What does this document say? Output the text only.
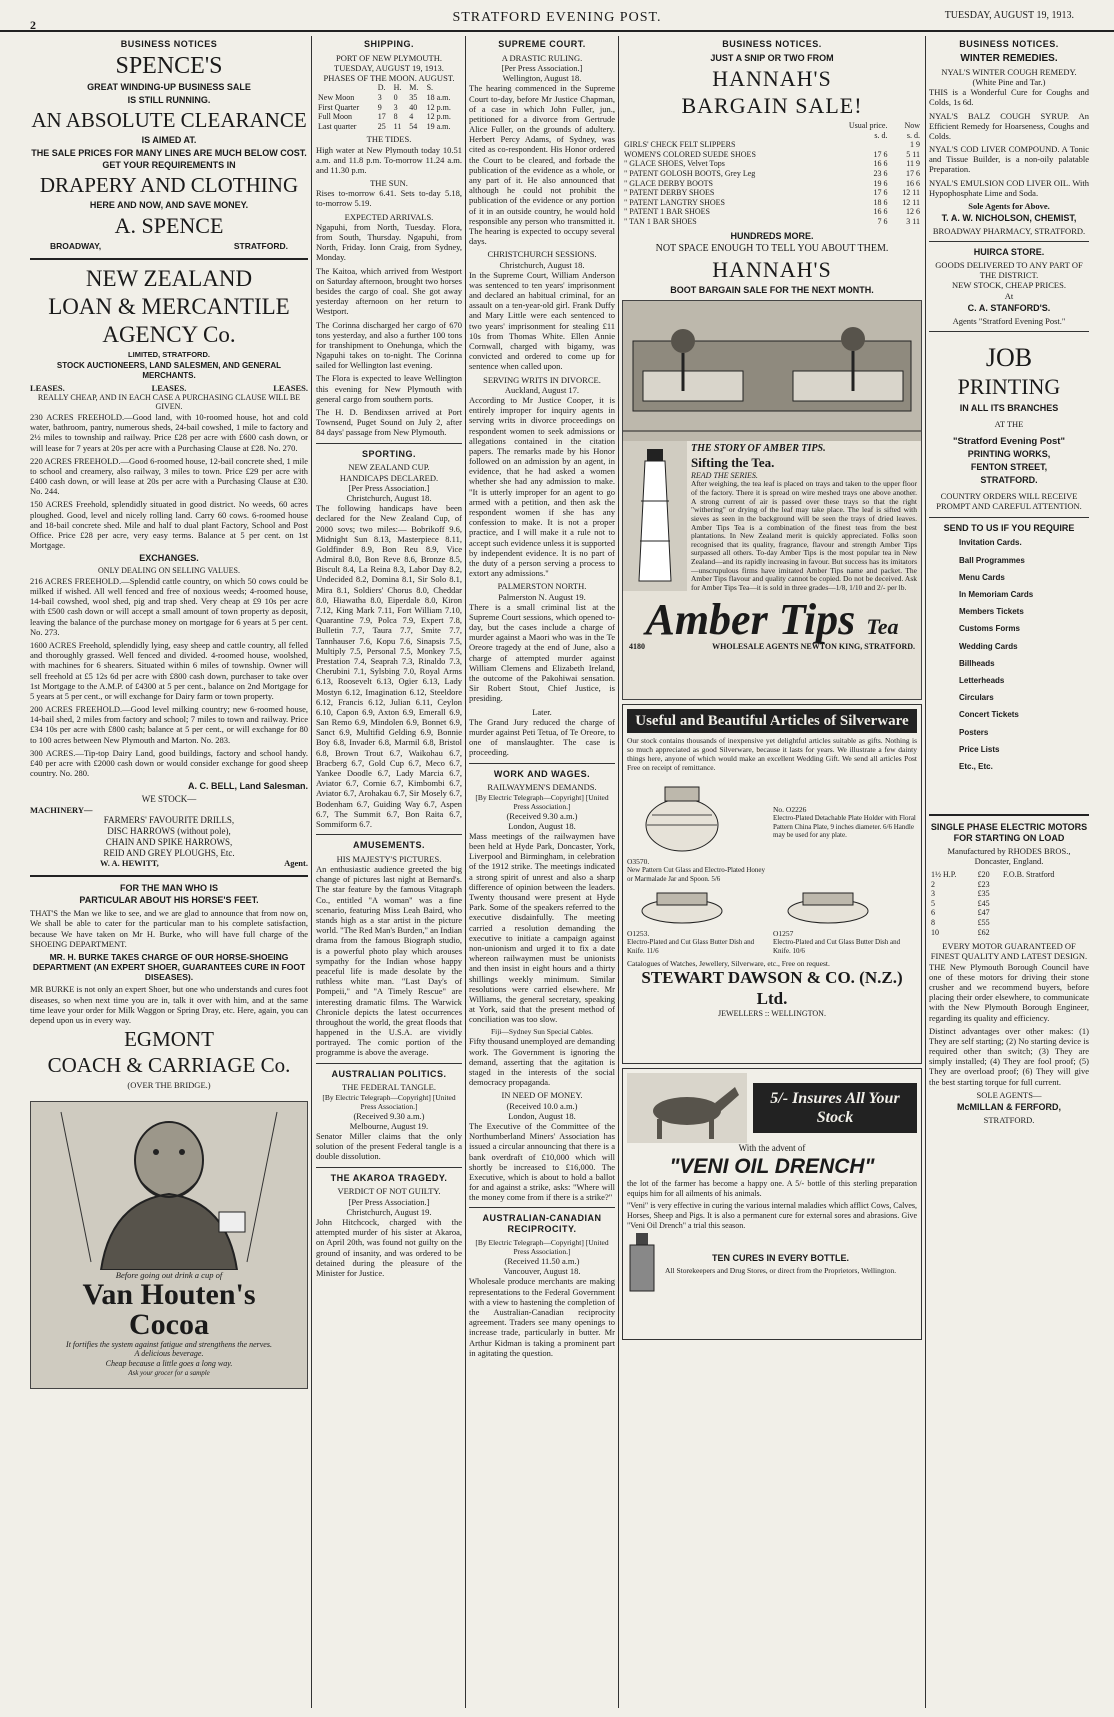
2	STRATFORD EVENING POST.	TUESDAY, AUGUST 19, 1913.
BUSINESS NOTICES
SPENCE'S
GREAT WINDING-UP BUSINESS SALE
IS STILL RUNNING.
AN ABSOLUTE CLEARANCE
IS AIMED AT.
THE SALE PRICES FOR MANY LINES ARE MUCH BELOW COST.
GET YOUR REQUIREMENTS IN
DRAPERY AND CLOTHING
HERE AND NOW, AND SAVE MONEY.
A. SPENCE
BROADWAY,	STRATFORD.
NEW ZEALAND
LOAN & MERCANTILE
AGENCY Co.
LIMITED, STRATFORD.
STOCK AUCTIONEERS, LAND SALESMEN, AND GENERAL MERCHANTS.
LEASES.	LEASES.	LEASES.
REALLY CHEAP, AND IN EACH CASE A PURCHASING CLAUSE WILL BE GIVEN.

230 ACRES FREEHOLD.—Good land, with 10-roomed house, hot and cold water, bathroom, pantry, numerous sheds, 24-bail cowshed, 1 mile to factory and 2½ miles to township and railway. Price £28 per acre with £600 cash down, or will lease for 7 years at 20s per acre with a Purchasing Clause at £28. No. 270.

220 ACRES FREEHOLD.—Good 6-roomed house, 12-bail concrete shed, 1 mile to school and creamery, also railway, 3 miles to town. Price £29 per acre with £400 cash down, or will lease at 20s per acre with a Purchasing Clause at £30. No. 244.

150 ACRES Freehold, splendidly situated in good district. No weeds, 60 acres ploughed. Good, level and nicely rolling land. Carry 60 cows. 6-roomed house and 18-bail concrete shed. Mile and half to dual plant Factory, School and Post Office. Price £28 per acre, very easy terms. Balance at 5 per cent. on 1st Mortgage.

EXCHANGES.
ONLY DEALING ON SELLING VALUES.

216 ACRES FREEHOLD.—Splendid cattle country, on which 50 cows could be milked if wished. All well fenced and free of noxious weeds; 4-roomed house, 14-bail cowshed, wool shed, pig and trap shed. Very cheap at £9 10s per acre with £500 cash down or will accept a small amount of town property as deposit, leaving the balance of the purchase money on mortgage for 6 years at 5 per cent. No. 273.

1600 ACRES Freehold, splendidly lying, easy sheep and cattle country, all felled and thoroughly grassed. Well fenced and divided. 4-roomed house, woolshed, with machines for 6 shearers. Situated within 6 miles of township. Owner will sell freehold at £5 12s 6d per acre with £800 cash down, purchaser to take over 1st Mortgage to the A.M.P. of £4300 at 5 per cent., balance on 2nd Mortgage for 5 years at 5 per cent., or will exchange for Dairy farm or town property.

200 ACRES FREEHOLD.—Good level milking country; new 6-roomed house, 14-bail shed, 2 miles from factory and school; 7 miles to town and railway. Price £34 10s per acre with £800 cash; balance at 5 per cent., or will exchange for 80 to 100 acres between New Plymouth and Marton. No. 283.

300 ACRES.—Tip-top Dairy Land, good buildings, factory and school handy. £40 per acre with £2000 cash down or would consider exchange for good sheep country. No. 280.

A. C. BELL, Land Salesman.
WE STOCK—
MACHINERY—
FARMERS' FAVOURITE DRILLS,
DISC HARROWS (without pole),
CHAIN AND SPIKE HARROWS,
REID AND GREY PLOUGHS, Etc.
W. A. HEWITT,	Agent.
FOR THE MAN WHO IS
PARTICULAR ABOUT HIS HORSE'S FEET.

THAT'S the Man we like to see, and we are glad to announce that from now on, We shall be able to cater for the particular man to his complete satisfaction, because We have taken on Mr H. Burke, who will have full charge of the SHOEING DEPARTMENT.

MR. H. BURKE TAKES CHARGE OF OUR HORSE-SHOEING DEPARTMENT (AN EXPERT SHOER, GUARANTEES CURE IN FOOT DISEASES).

MR BURKE is not only an expert Shoer, but one who understands and cures foot diseases, so when next time you are in, talk it over with him, and at the same time leave your order for Milk Waggon or Spring Dray, etc. Here, again, you can depend upon us in every way.

EGMONT
COACH & CARRIAGE Co.
(OVER THE BRIDGE.)
Before going out drink a cup of
Van Houten's
Cocoa
It fortifies the system against fatigue and strengthens the nerves.
A delicious beverage.
Cheap because a little goes a long way.
Ask your grocer for a sample
SHIPPING.
PORT OF NEW PLYMOUTH.
TUESDAY, AUGUST 19, 1913.
PHASES OF THE MOON. AUGUST.
	D.	H.	M.	S.
New Moon	3	0	35	18 a.m.
First Quarter	9	3	40	12 p.m.
Full Moon	17	8	4	12 p.m.
Last quarter	25	11	54	19 a.m.
THE TIDES.

High water at New Plymouth today 10.51 a.m. and 11.8 p.m. To-morrow 11.24 a.m. and 11.30 p.m.

THE SUN.

Rises to-morrow 6.41. Sets to-day 5.18, to-morrow 5.19.

EXPECTED ARRIVALS.

Ngapuhi, from North, Tuesday. Flora, from South, Thursday. Ngapuhi, from North, Friday. Ionn Craig, from Sydney, Monday.

The Kaitoa, which arrived from Westport on Saturday afternoon, brought two horses besides the cargo of coal. She got away yesterday afternoon on her return to Westport.

The Corinna discharged her cargo of 670 tons yesterday, and also a further 100 tons for transhipment to Onehunga, which the Ngapuhi takes on to-night. The Corinna sailed for Wellington last evening.

The Flora is expected to leave Wellington this evening for New Plymouth with general cargo from southern ports.

The H. D. Bendixsen arrived at Port Townsend, Puget Sound on July 2, after 84 days' passage from New Plymouth.

SPORTING.
NEW ZEALAND CUP.
HANDICAPS DECLARED.
[Per Press Association.]
Christchurch, August 18.

The following handicaps have been declared for the New Zealand Cup, of 2000 sovs; two miles:— Bobrikoff 9.6, Midnight Sun 8.13, Masterpiece 8.11, Goldfinder 8.9, Bon Reu 8.9, Vice Admiral 8.0, Bon Reve 8.6, Bronze 8.5, Biscult 8.4, La Reina 8.3, Labor Day 8.2, Undecided 8.2, Domina 8.1, Sir Solo 8.1, Mira 8.1, Soldiers' Chorus 8.0, Cheddar 8.0, Hiawatha 8.0, Eiperdale 8.0, Kiron 7.12, King Mark 7.11, Fort William 7.10, Quarantine 7.9, Polca 7.9, Expert 7.8, Bulletin 7.7, Taura 7.7, Smite 7.7, Tannhauser 7.6, Kopu 7.6, Sinapsis 7.5, Multiply 7.5, Personal 7.5, Monkey 7.5, Prestation 7.4, Seaprah 7.3, Rinaldo 7.3, Cherubini 7.1, Sylsbing 7.0, Royal Arms 6.13, Roosevelt 6.13, Ogier 6.13, Lady Mostyn 6.12, Imagination 6.12, Steeldore 6.12, Francis 6.12, Julian 6.11, Ceylon 6.10, Capon 6.9, Axton 6.9, Emerall 6.9, San Remo 6.9, Mindolen 6.9, Bonnet 6.9, Sanct 6.9, Multifid Gelding 6.9, Bonnie Boy 6.8, Invader 6.8, Marmil 6.8, Bristol 6.8, Brown Trout 6.7, Waikohau 6.7, Bracberg 6.7, Gold Cup 6.7, Meco 6.7, Yankee Doodle 6.7, Lady Marcia 6.7, Aviator 6.7, Cornie 6.7, Kimbombi 6.7, Aviator 6.7, Arohakau 6.7, Sir Mosely 6.7, Bodenham 6.7, Guiding Way 6.7, Aspen 6.7, The Summit 6.7, Bon Raita 6.7, Sommiform 6.7.

AMUSEMENTS.
HIS MAJESTY'S PICTURES.

An enthusiastic audience greeted the big change of pictures last night at Bernard's. The star feature by the famous Vitagraph Co., entitled "A woman" was a fine scenario, featuring Miss Leah Baird, who stands high as a star artist in the picture world. "The Red Man's Burden," an Indian drama from the famous Biograph studio, is a powerful photo play which arouses sympathy for the Indian whose happy peaceful life is made desolate by the ruthless white man. "Last Day's of Pompeii," and "A Timely Rescue" are interesting dramatic films. The Warwick Chronicle depicts the latest occurrences throughout the world, the great floods that happened in the U.S.A. are vividly portrayed. The comic portion of the programme is above the average.

AUSTRALIAN POLITICS.
THE FEDERAL TANGLE.
[By Electric Telegraph—Copyright] [United Press Association.]
(Received 9.30 a.m.)
Melbourne, August 19.

Senator Miller claims that the only solution of the present Federal tangle is a double dissolution.

THE AKAROA TRAGEDY.
VERDICT OF NOT GUILTY.
[Per Press Association.]
Christchurch, August 19.

John Hitchcock, charged with the attempted murder of his sister at Akaroa, on April 20th, was found not guilty on the ground of insanity, and was ordered to be detained during the pleasure of the Minister for Justice.

SUPREME COURT.
A DRASTIC RULING.
[Per Press Association.]
Wellington, August 18.

The hearing commenced in the Supreme Court to-day, before Mr Justice Chapman, of a case in which John Fuller, jun., petitioned for a divorce from Gertrude Alice Fuller, on the grounds of adultery. Herbert Percy Adams, of Sydney, was cited as co-respondent. His Honor ordered the Court to be cleared, and forbade the publication of the evidence as a whole, or any part of it. He also announced that although he could not prohibit the publication of the evidence or any portion of it in an outside country, he would hold responsible any person who transmitted it. The hearing is expected to occupy several days.

CHRISTCHURCH SESSIONS.
Christchurch, August 18.

In the Supreme Court, William Anderson was sentenced to ten years' imprisonment and declared an habitual criminal, for an assault on a ten-year-old girl. Frank Duffy and Mary Little were each sentenced to two years' imprisonment for stealing £11 10s from Thomas White. Ellen Annie Cornwall, charged with bigamy, was convicted and ordered to come up for sentence when called upon.

SERVING WRITS IN DIVORCE.
Auckland, August 17.

According to Mr Justice Cooper, it is entirely improper for inquiry agents in serving writs in divorce proceedings on respondent women to seek admissions or allegations contained in the citation papers. The remarks made by his Honor followed on an admission by an agent, in evidence, that he had asked a women whether she had any admission to make. "It is utterly improper for an agent to go armed with a petition, and then ask the respondent women if she has any confession to make. It is not a proper practice, and I will make it a rule not to accept such evidence unless it is supported by independent evidence. It is no part of the duty of a person serving a process to extort any admissions."

PALMERSTON NORTH.
Palmerston N. August 19.

There is a small criminal list at the Supreme Court sessions, which opened to-day, but the cases include a charge of murder against a Maori who was in the Te Oreore tragedy at the end of June, also a charge of attempted murder against William Clemens and Elizabeth Ireland, the outcome of the Pakohiwai sensation. Sir Robert Stout, Chief Justice, is presiding.

Later.

The Grand Jury reduced the charge of murder against Peti Tetua, of Te Oreore, to one of manslaughter. The case is proceeding.

WORK AND WAGES.
RAILWAYMEN'S DEMANDS.
[By Electric Telegraph—Copyright] [United Press Association.]
(Received 9.30 a.m.)
London, August 18.

Mass meetings of the railwaymen have been held at Hyde Park, Doncaster, York, Liverpool and Birmingham, in celebration of the 1912 strike. The meetings indicated a strong spirit of unrest and also a sharp difference of opinion between the leaders. Twenty thousand were present at Hyde Park. Some of the speakers referred to the executive disdainfully. The meeting carried a resolution demanding the executive to initiate a campaign against non-unionism and urged it to fix a date whereon railwaymen must be unionists and then insist in eight hours and a thirty shillings weekly minimum. Similar resolutions were carried elsewhere. Mr Williams, the general secretary, speaking at York, said that the present method of conciliation was too slow.

Fiji—Sydney Sun Special Cables.

Fifty thousand unemployed are demanding work. The Government is ignoring the demand, asserting that the agitation is staged in the interests of the social democracy propaganda.

IN NEED OF MONEY.
(Received 10.0 a.m.)
London, August 18.

The Executive of the Committee of the Northumberland Miners' Association has issued a circular announcing that there is a bank overdraft of £10,000 which will shortly be increased to £16,000. The Executive, which is about to hold a ballot for and against a strike, asks: "Where will the money come from if there is a strike?"

AUSTRALIAN-CANADIAN RECIPROCITY.
[By Electric Telegraph—Copyright] [United Press Association.]
(Received 11.50 a.m.)
Vancouver, August 18.

Wholesale produce merchants are making representations to the Federal Government with a view to hastening the completion of the Australian-Canadian reciprocity agreement. Traders see many openings to increase trade, particularly in butter. Mr Arthur Kidman is taking a prominent part in agitating the question.

BUSINESS NOTICES.
JUST A SNIP OR TWO FROM
HANNAH'S
BARGAIN SALE!
	Usual price.	Now
	s. d.	s. d.
GIRLS' CHECK FELT SLIPPERS		1 9
WOMEN'S COLORED SUEDE SHOES	17 6	5 11
" GLACE SHOES, Velvet Tops	16 6	11 9
" PATENT GOLOSH BOOTS, Grey Leg	23 6	17 6
" GLACE DERBY BOOTS	19 6	16 6
" PATENT DERBY SHOES	17 6	12 11
" PATENT LANGTRY SHOES	18 6	12 11
" PATENT 1 BAR SHOES	16 6	12 6
" TAN 1 BAR SHOES	7 6	3 11
HUNDREDS MORE.
NOT SPACE ENOUGH TO TELL YOU ABOUT THEM.
HANNAH'S
BOOT BARGAIN SALE FOR THE NEXT MONTH.
THE STORY OF AMBER TIPS.
Sifting the Tea.
READ THE SERIES.

After weighing, the tea leaf is placed on trays and taken to the upper floor of the factory. There it is spread on wire meshed trays one above another. A strong current of air is passed over these trays so that the right "withering" or drying of the leaf may take place. The leaf is sifted with sieves as seen in the background will be seen the trays of dried leaves. Amber Tips Tea is a combination of the finest teas from the best plantations. In New Zealand merit is quickly appreciated. Folks soon recognised that its quality, fragrance, flavour and strength Amber Tips surpassed all others. To-day Amber Tips is the most popular tea in New Zealand—and its rapidly increasing in favour. But success has its imitators—unscrupulous firms have imitated Amber Tips name and packet. The Amber Tips flavour and quality cannot be copied. Do not be deceived. Ask for Amber Tips Tea—it is sold in three grades—1/8, 1/10 and 2/- per lb.

Amber Tips Tea
4180	WHOLESALE AGENTS NEWTON KING, STRATFORD.
Useful and Beautiful Articles of Silverware

Our stock contains thousands of inexpensive yet delightful articles suitable as gifts. Nothing is so much appreciated as good Silverware, because it lasts for years. We illustrate a few dainty things here, anyone of which would make an excellent Wedding Gift. We send all articles Post Free on receipt of remittance.

O3570.
New Pattern Cut Glass and Electro-Plated Honey or Marmalade Jar and Spoon. 5/6
No. O2226
Electro-Plated Detachable Plate Holder with Floral Pattern China Plate, 9 inches diameter. 6/6 Handle may be used for any plate.
O1253.
Electro-Plated and Cut Glass Butter Dish and Knife. 11/6
O1257
Electro-Plated and Cut Glass Butter Dish and Knife. 10/6
Catalogues of Watches, Jewellery, Silverware, etc., Free on request.
STEWART DAWSON & CO. (N.Z.) Ltd.
JEWELLERS :: WELLINGTON.
5/- Insures All Your Stock
With the advent of
"VENI OIL DRENCH"

the lot of the farmer has become a happy one. A 5/- bottle of this sterling preparation equips him for all ailments of his animals.

"Veni" is very effective in curing the various internal maladies which afflict Cows, Calves, Horses, Sheep and Pigs. It is also a permanent cure for external sores and abrasions. Give "Veni Oil Drench" a trial this season.

TEN CURES IN EVERY BOTTLE.
All Storekeepers and Drug Stores, or direct from the Proprietors, Wellington.
BUSINESS NOTICES.
WINTER REMEDIES.
NYAL'S WINTER COUGH REMEDY.
(White Pine and Tar.)

THIS is a Wonderful Cure for Coughs and Colds, 1s 6d.

NYAL'S BALZ COUGH SYRUP. An Efficient Remedy for Hoarseness, Coughs and Colds.

NYAL'S COD LIVER COMPOUND. A Tonic and Tissue Builder, is a non-oily palatable Preparation.

NYAL'S EMULSION COD LIVER OIL. With Hypophosphate Lime and Soda.

Sole Agents for Above.
T. A. W. NICHOLSON, CHEMIST,
BROADWAY PHARMACY, STRATFORD.
HUIRCA STORE.
GOODS DELIVERED TO ANY PART OF THE DISTRICT.
NEW STOCK, CHEAP PRICES.
At
C. A. STANFORD'S.
Agents "Stratford Evening Post."
JOB
PRINTING
IN ALL ITS BRANCHES
AT THE
"Stratford Evening Post"
PRINTING WORKS,
FENTON STREET,
STRATFORD.
COUNTRY ORDERS WILL RECEIVE PROMPT AND CAREFUL ATTENTION.
SEND TO US IF YOU REQUIRE
Invitation Cards.
Ball Programmes
Menu Cards
In Memoriam Cards
Members Tickets
Customs Forms
Wedding Cards
Billheads
Letterheads
Circulars
Concert Tickets
Posters
Price Lists
Etc., Etc.
SINGLE PHASE ELECTRIC MOTORS FOR STARTING ON LOAD
Manufactured by RHODES BROS., Doncaster, England.
1½ H.P.	£20	F.O.B. Stratford
2	£23	
3	£35	
5	£45	
6	£47	
8	£55	
10	£62	
EVERY MOTOR GUARANTEED OF FINEST QUALITY AND LATEST DESIGN.

THE New Plymouth Borough Council have one of these motors for driving their stone crusher and we recommend buyers, before placing their order elsewhere, to communicate with the New Plymouth Borough Engineer, regarding its quality and efficiency.

Distinct advantages over other makes: (1) They are self starting; (2) No starting device is required other than switch; (3) They are simply installed; (4) They are fool proof; (5) They are overload proof; (6) They will give the best starting torque for full current.

SOLE AGENTS—
McMILLAN & FERFORD,
STRATFORD.
